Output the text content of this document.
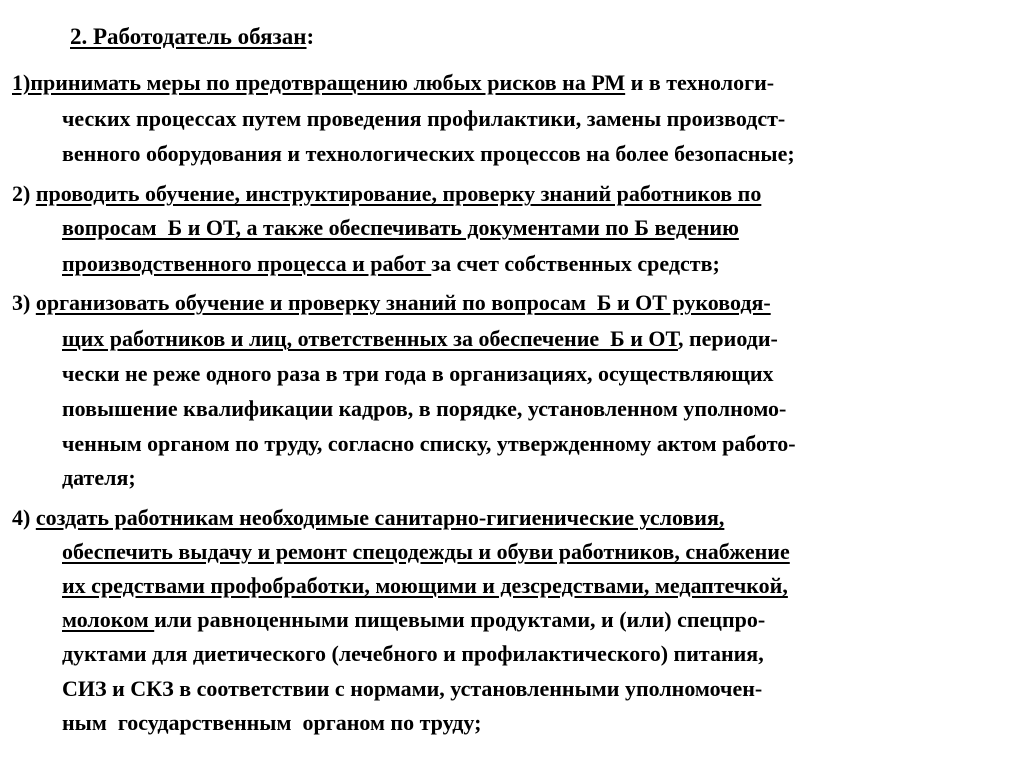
2. Работодатель обязан:
1)принимать меры по предотвращению любых рисков на РМ и в технологи-
ческих процессах путем проведения профилактики, замены производст-
венного оборудования и технологических процессов на более безопасные;
2) проводить обучение, инструктирование, проверку знаний работников по
вопросам  Б и ОТ, а также обеспечивать документами по Б ведению
производственного процесса и работ за счет собственных средств;
3) организовать обучение и проверку знаний по вопросам  Б и ОТ руководя-
щих работников и лиц, ответственных за обеспечение  Б и ОТ, периоди-
чески не реже одного раза в три года в организациях, осуществляющих
повышение квалификации кадров, в порядке, установленном уполномо-
ченным органом по труду, согласно списку, утвержденному актом работо-
дателя;
4) создать работникам необходимые санитарно-гигиенические условия,
обеспечить выдачу и ремонт спецодежды и обуви работников, снабжение
их средствами профобработки, моющими и дезсредствами, медаптечкой,
молоком или равноценными пищевыми продуктами, и (или) спецпро-
дуктами для диетического (лечебного и профилактического) питания,
СИЗ и СКЗ в соответствии с нормами, установленными уполномочен-
ным  государственным  органом по труду;
